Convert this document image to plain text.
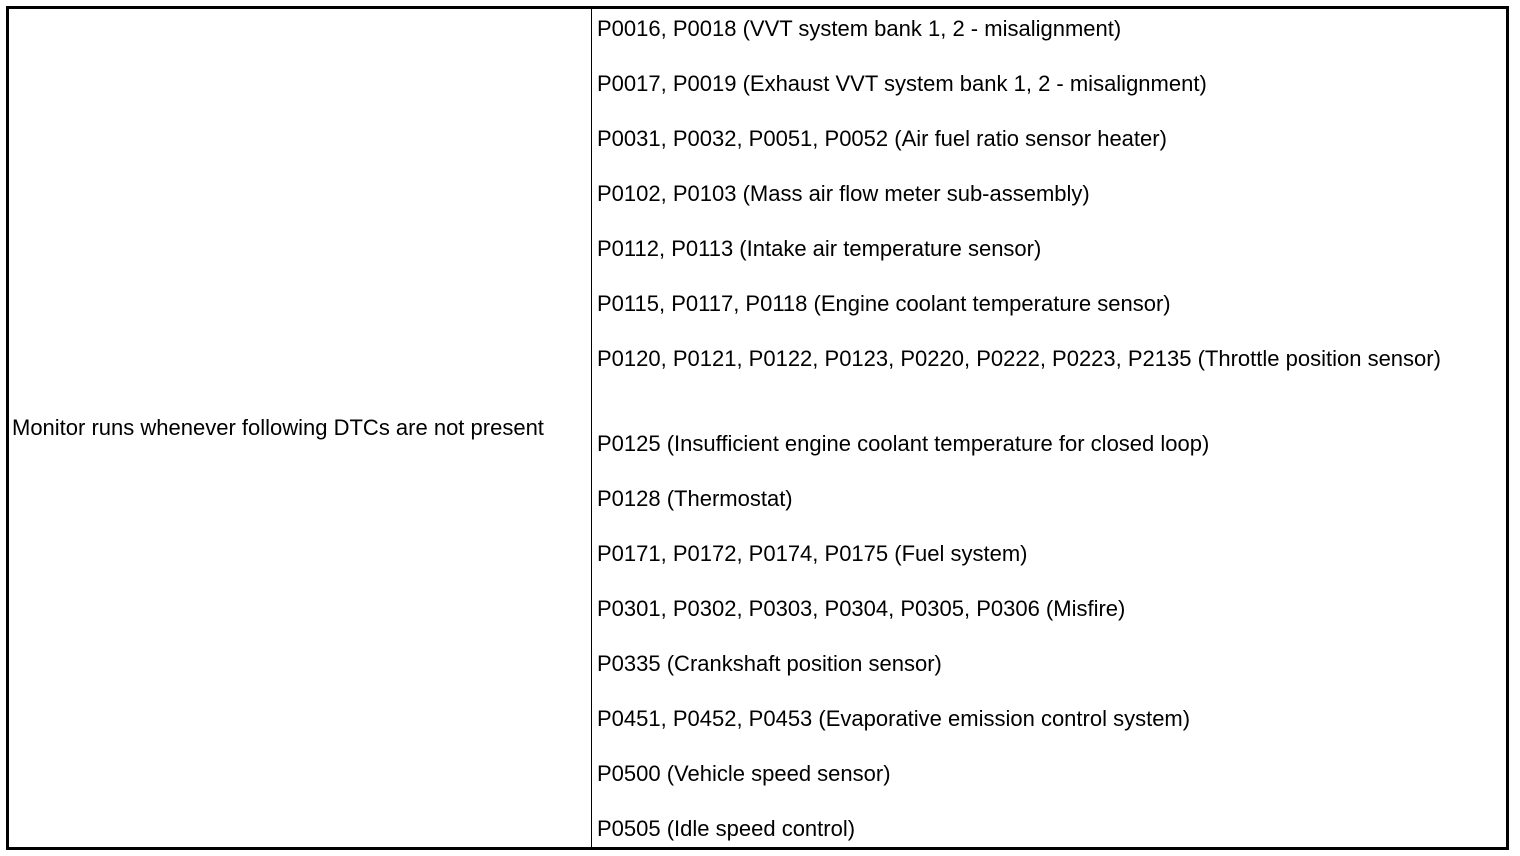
Monitor runs whenever following DTCs are not present
P0016, P0018 (VVT system bank 1, 2 - misalignment)
P0017, P0019 (Exhaust VVT system bank 1, 2 - misalignment)
P0031, P0032, P0051, P0052 (Air fuel ratio sensor heater)
P0102, P0103 (Mass air flow meter sub-assembly)
P0112, P0113 (Intake air temperature sensor)
P0115, P0117, P0118 (Engine coolant temperature sensor)
P0120, P0121, P0122, P0123, P0220, P0222, P0223, P2135 (Throttle position sensor)
P0125 (Insufficient engine coolant temperature for closed loop)
P0128 (Thermostat)
P0171, P0172, P0174, P0175 (Fuel system)
P0301, P0302, P0303, P0304, P0305, P0306 (Misfire)
P0335 (Crankshaft position sensor)
P0451, P0452, P0453 (Evaporative emission control system)
P0500 (Vehicle speed sensor)
P0505 (Idle speed control)
